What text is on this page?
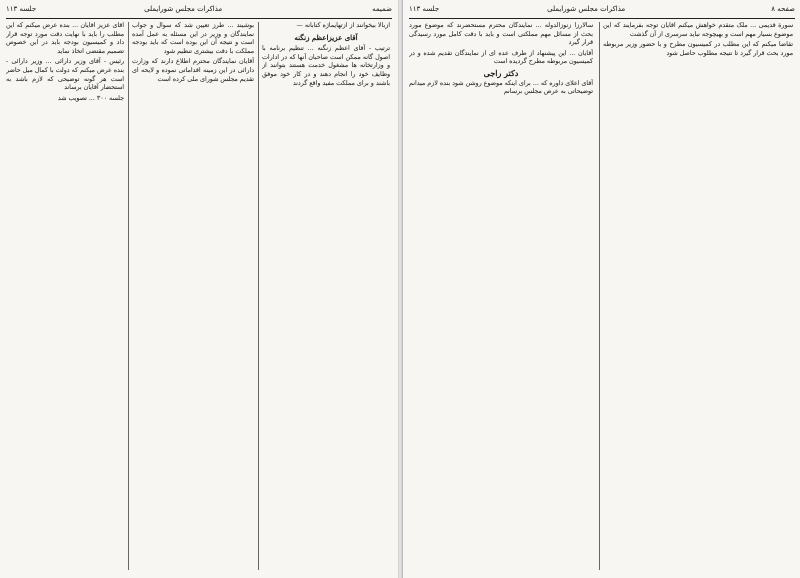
ضمیمه
مذاکرات مجلس شورایملی
جلسه ۱۱۳

ازبالا بیخوانند از ازتهایماژه کتابانه —

آقای عزیزاعظم زنگنه

ترتیب - آقای اعظم زنگنه ... تنظیم برنامه با اصول گانه ممکن است صاحبان آنها که در ادارات و وزارتخانه ها مشغول خدمت هستند بتوانند از وظایف خود را انجام دهند و در کار خود موفق باشند و برای مملکت مفید واقع گردند

بوشیند ... طرز تعیین شد که سوال و جواب نمایندگان و وزیر در این مسئله به عمل آمده است و نتیجه آن این بوده است که باید بودجه مملکت با دقت بیشتری تنظیم شود

آقایان نمایندگان محترم اطلاع دارند که وزارت دارائی در این زمینه اقداماتی نموده و لایحه ای تقدیم مجلس شورای ملی کرده است

آقای عزیز آقایان ... بنده عرض میکنم که این مطلب را باید با نهایت دقت مورد توجه قرار داد و کمیسیون بودجه باید در این خصوص تصمیم مقتضی اتخاذ نماید

رئیس - آقای وزیر دارائی ... وزیر دارائی - بنده عرض میکنم که دولت با کمال میل حاضر است هر گونه توضیحی که لازم باشد به استحضار آقایان برساند

جلسه ۳۰۰ ... تصویب شد

صفحه ۸
مذاکرات مجلس شورایملی
جلسه ۱۱۳

سورة قدیمی ... ملک متقدم خواهش میکنم آقایان توجه بفرمایند که این موضوع بسیار مهم است و بهیچوجه نباید سرسری از آن گذشت

تقاضا میکنم که این مطلب در کمیسیون مطرح و با حضور وزیر مربوطه مورد بحث قرار گیرد تا نتیجه مطلوب حاصل شود

سالارزا زنوزالدوله ... نمایندگان محترم مستحضرند که موضوع مورد بحث از مسائل مهم مملکتی است و باید با دقت کامل مورد رسیدگی قرار گیرد

آقایان ... این پیشنهاد از طرف عده ای از نمایندگان تقدیم شده و در کمیسیون مربوطه مطرح گردیده است

دکتر راجی

آقای اعلای داوره که ... برای اینکه موضوع روشن شود بنده لازم میدانم توضیحاتی به عرض مجلس برسانم
